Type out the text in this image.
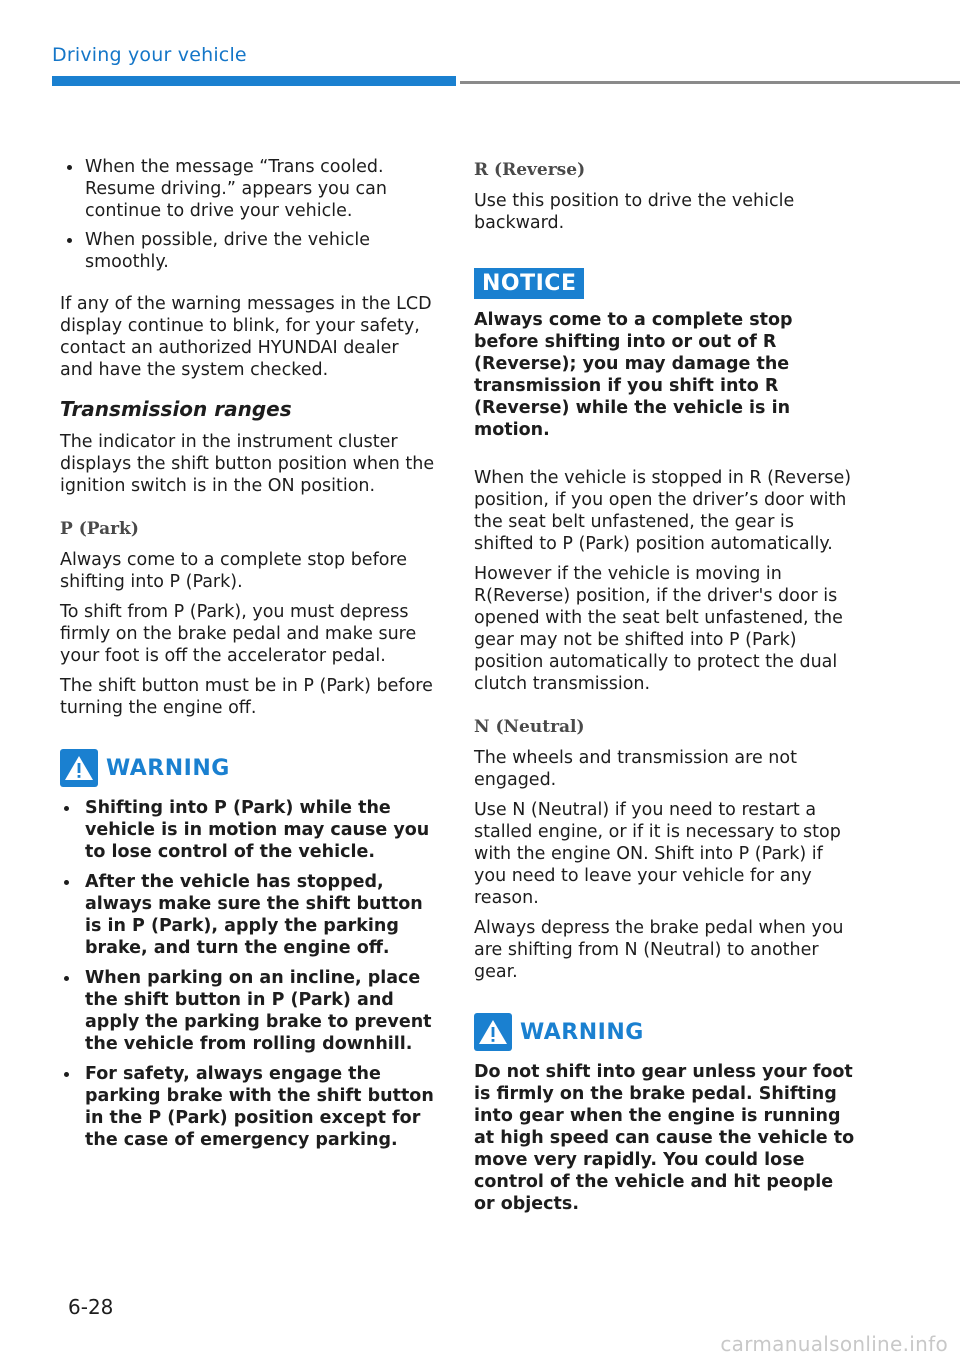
Driving your vehicle
When the message “Trans cooled. Resume driving.” appears you can continue to drive your vehicle.
When possible, drive the vehicle smoothly.

If any of the warning messages in the LCD display continue to blink, for your safety, contact an authorized HYUNDAI dealer and have the system checked.

Transmission ranges

The indicator in the instrument cluster displays the shift button position when the ignition switch is in the ON position.

P (Park)

Always come to a complete stop before shifting into P (Park).

To shift from P (Park), you must depress firmly on the brake pedal and make sure your foot is off the accelerator pedal.

The shift button must be in P (Park) before turning the engine off.

WARNING
Shifting into P (Park) while the vehicle is in motion may cause you to lose control of the vehicle.
After the vehicle has stopped, always make sure the shift button is in P (Park), apply the parking brake, and turn the engine off.
When parking on an incline, place the shift button in P (Park) and apply the parking brake to prevent the vehicle from rolling downhill.
For safety, always engage the parking brake with the shift button in the P (Park) position except for the case of emergency parking.
R (Reverse)

Use this position to drive the vehicle backward.

NOTICE
Always come to a complete stop before shifting into or out of R (Reverse); you may damage the transmission if you shift into R (Reverse) while the vehicle is in motion.

When the vehicle is stopped in R (Reverse) position, if you open the driver’s door with the seat belt unfastened, the gear is shifted to P (Park) position automatically.

However if the vehicle is moving in R(Reverse) position, if the driver's door is opened with the seat belt unfastened, the gear may not be shifted into P (Park) position automatically to protect the dual clutch transmission.

N (Neutral)

The wheels and transmission are not engaged.

Use N (Neutral) if you need to restart a stalled engine, or if it is necessary to stop with the engine ON. Shift into P (Park) if you need to leave your vehicle for any reason.

Always depress the brake pedal when you are shifting from N (Neutral) to another gear.

WARNING
Do not shift into gear unless your foot is firmly on the brake pedal. Shifting into gear when the engine is running at high speed can cause the vehicle to move very rapidly. You could lose control of the vehicle and hit people or objects.
6-28
carmanualsonline.info
